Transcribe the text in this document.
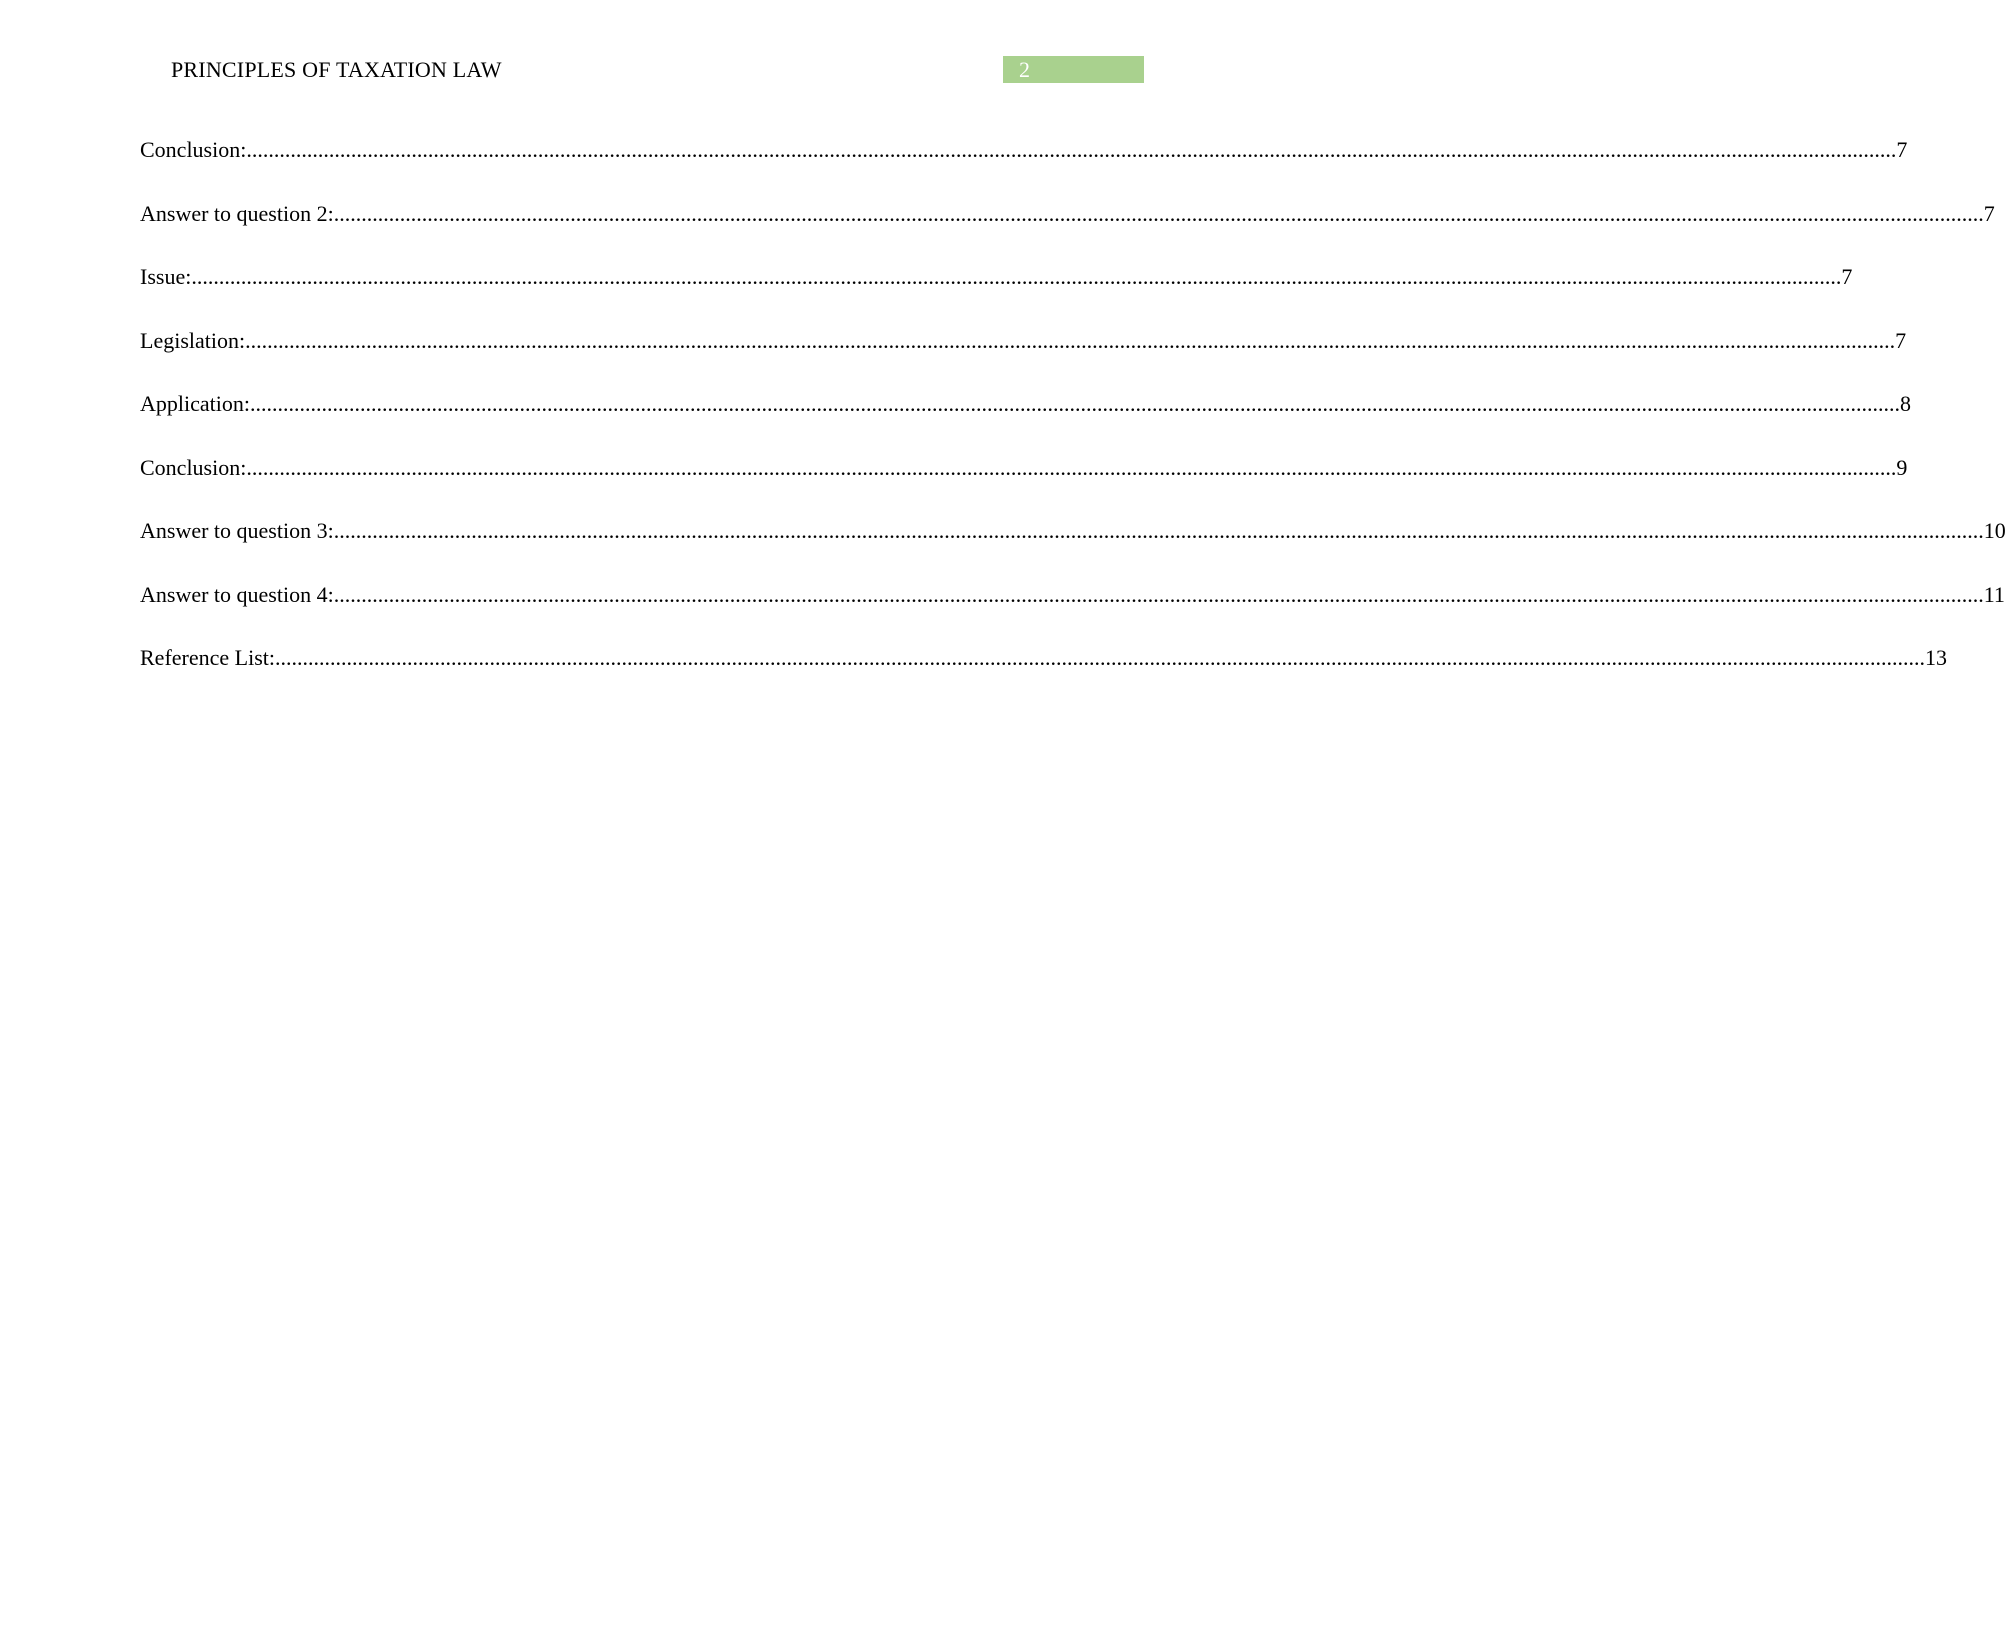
PRINCIPLES OF TAXATION LAW	2
Conclusion: ............................................................................................................................................................................................................................................................................................................ 7
Answer to question 2: ............................................................................................................................................................................................................................................................................................................ 7
Issue: ............................................................................................................................................................................................................................................................................................................ 7
Legislation: ............................................................................................................................................................................................................................................................................................................ 7
Application: ............................................................................................................................................................................................................................................................................................................ 8
Conclusion: ............................................................................................................................................................................................................................................................................................................ 9
Answer to question 3: ............................................................................................................................................................................................................................................................................................................ 10
Answer to question 4: ............................................................................................................................................................................................................................................................................................................ 11
Reference List: ............................................................................................................................................................................................................................................................................................................ 13
